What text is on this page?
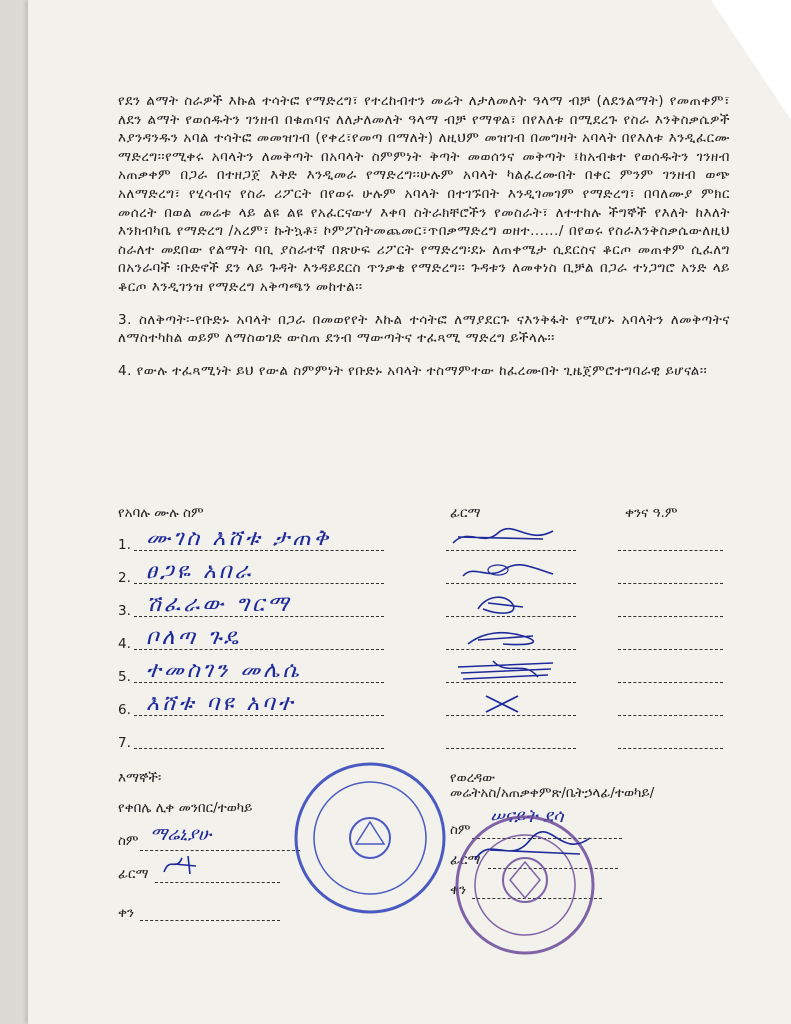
የደን ልማት ስራዎች እኩል ተሳትፎ የማድረግ፣ የተረከብተን መሬት ለታለመለት ዓላማ ብቻ (ለደንልማት) የመጠቀም፣ ለደን ልማት የወሰዱትን ገንዘብ በቁጠባና ለለታለመለት ዓላማ ብቻ የማዋል፣ በየእለቱ በሚደረጉ የስራ እንቅስቃሴዎች እያንዳንዱን አባል ተሳትፎ መመዝገብ (የቀረ፣የመጣ በማለት) ለዚህም መዝገብ በመግዛት አባላት በየእለቱ እንዲፈርሙ ማድረግ፡፡የሚቀሩ አባላትን ለመቅጣት በአባላት ስምምነት ቅጣት መወሰንና መቅጣት ፤ከአብቁተ የወሰዱትን ገንዘብ አጠቃቀም በጋራ በተዘጋጀ እቅድ እንዲመራ የማድረግ፡፡ሁሉም አባላት ካልፈረሙበት በቀር ምንም ገንዘብ ወጭ አለማድረግ፣ የሂሳብና የስራ ሪፖርት በየወሩ ሁሉም አባላት በተገኙበት እንዲገመገም የማድረግ፣ በባለሙያ ምክር መሰረት በወል መሬቱ ላይ ልዩ ልዩ የአፈርናውሃ እቀባ ስትራክቸሮችን የመስራት፣ ለተተከሉ ችግኞች የእለት ከእለት እንክብካቤ የማድረግ /አረም፣ ኩትኳቶ፣ ኮምፖስትመጨመር፣ጥበቃማድረግ ወዘተ....../ በየወሩ የስራእንቅስቃሴውለዚህ ስራለተ መደበው የልማት ባቢ ያስራተኛ በጽሁፍ ሪፖርት የማድረግ፡ደኑ ለጠቀሜታ ሲደርስና ቆርጦ መጠቀም ሲፈለግ በአንራባች ፡ቡድኖች ደን ላይ ጉዳት እንዳይደርስ ጥንቃቄ የማድረግ፡፡ ጉዳቱን ለመቀነስ ቢቻል በጋራ ተነጋግሮ አንድ ላይ ቆርጦ እንዲገንዝ የማድረግ አቅጣጫን መከተል፡፡

3. ስለቅጣት፡-የቡድኑ አባላት በጋራ በመወየየት እኩል ተሳትፎ ለማያደርጉ ናእንቅፋት የሚሆኑ አባላትን ለመቅጣትና ለማስተካከል ወይም ለማስወገድ ውስጠ ደንብ ማውጣትና ተፈጻሚ ማድረግ ይችላሉ፡፡

4. የውሉ ተፈጻሚነት ይህ የውል ስምምነት የቡድኑ አባላት ተስማምተው ከፈረሙበት ጊዜጀምሮተግባራዊ ይሆናል፡፡

የአባሉ ሙሉ ስም	ፊርማ	ቀንና ዓ.ም
1. ሙገስ እሸቱ ታጠቅ
2. ፀጋዬ አበራ
3. ሽፈራው ግርማ
4. ቦለጣ ጉዴ
5. ተመስገን መሌሴ
6. እሸቱ ባዩ አባተ
7.
እማኞች፡
የቀበሌ ሊቀ መንበር/ተወካይ
ስም ማሬኒያሁ
ፊርማ
ቀን
የወረዳው
መሬትአስ/አጠቃቀምጽ/ቤትኃላፊ/ተወካይ/
ስም
ሠናይት ደሳ
ፊርማ
ቀን
